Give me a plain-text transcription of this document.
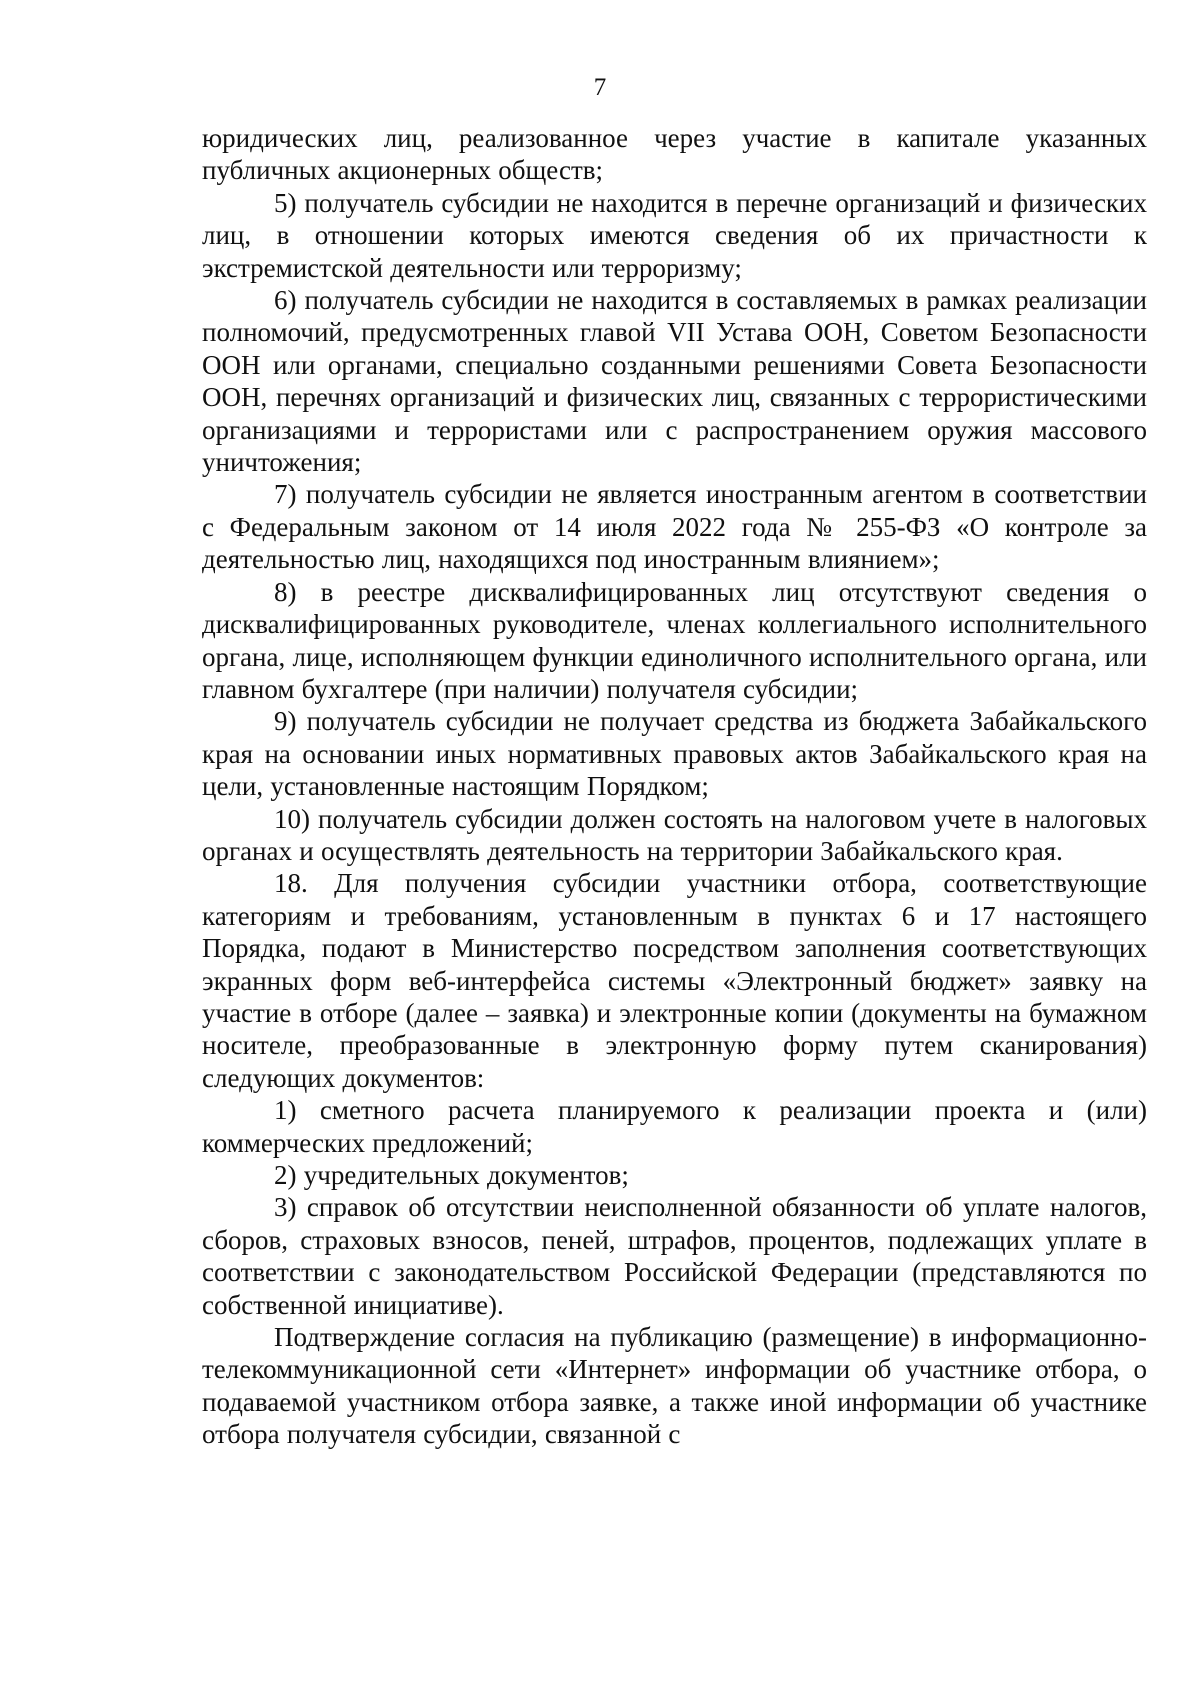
7

юридических лиц, реализованное через участие в капитале указанных публичных акционерных обществ;

5) получатель субсидии не находится в перечне организаций и физических лиц, в отношении которых имеются сведения об их причастности к экстремистской деятельности или терроризму;

6) получатель субсидии не находится в составляемых в рамках реализации полномочий, предусмотренных главой VII Устава ООН, Советом Безопасности ООН или органами, специально созданными решениями Совета Безопасности ООН, перечнях организаций и физических лиц, связанных с террористическими организациями и террористами или с распространением оружия массового уничтожения;

7) получатель субсидии не является иностранным агентом в соответствии с Федеральным законом от 14 июля 2022 года № 255-ФЗ «О контроле за деятельностью лиц, находящихся под иностранным влиянием»;

8) в реестре дисквалифицированных лиц отсутствуют сведения о дисквалифицированных руководителе, членах коллегиального исполнительного органа, лице, исполняющем функции единоличного исполнительного органа, или главном бухгалтере (при наличии) получателя субсидии;

9) получатель субсидии не получает средства из бюджета Забайкальского края на основании иных нормативных правовых актов Забайкальского края на цели, установленные настоящим Порядком;

10) получатель субсидии должен состоять на налоговом учете в налоговых органах и осуществлять деятельность на территории Забайкальского края.

18. Для получения субсидии участники отбора, соответствующие категориям и требованиям, установленным в пунктах 6 и 17 настоящего Порядка, подают в Министерство посредством заполнения соответствующих экранных форм веб-интерфейса системы «Электронный бюджет» заявку на участие в отборе (далее – заявка) и электронные копии (документы на бумажном носителе, преобразованные в электронную форму путем сканирования) следующих документов:

1) сметного расчета планируемого к реализации проекта и (или) коммерческих предложений;

2) учредительных документов;

3) справок об отсутствии неисполненной обязанности об уплате налогов, сборов, страховых взносов, пеней, штрафов, процентов, подлежащих уплате в соответствии с законодательством Российской Федерации (представляются по собственной инициативе).

Подтверждение согласия на публикацию (размещение) в информационно-телекоммуникационной сети «Интернет» информации об участнике отбора, о подаваемой участником отбора заявке, а также иной информации об участнике отбора получателя субсидии, связанной с
